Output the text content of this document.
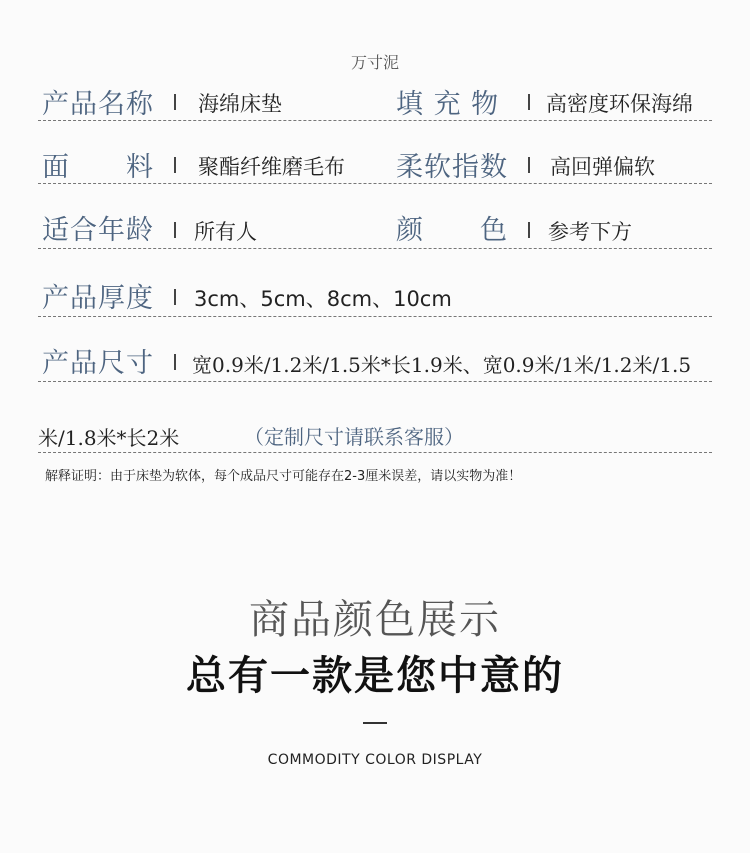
万寸泥
产品名称 海绵床垫	填 充 物 高密度环保海绵
面　　料 聚酯纤维磨毛布 柔软指数 高回弹偏软
适合年龄 所有人	颜　　色 参考下方
产品厚度 3cm、5cm、8cm、10cm
产品尺寸 宽0.9米/1.2米/1.5米*长1.9米、宽0.9米/1米/1.2米/1.5
米/1.8米*长2米	（定制尺寸请联系客服）
解释证明：由于床垫为软体，每个成品尺寸可能存在2-3厘米误差，请以实物为准！
商品颜色展示
总有一款是您中意的
COMMODITY COLOR DISPLAY
